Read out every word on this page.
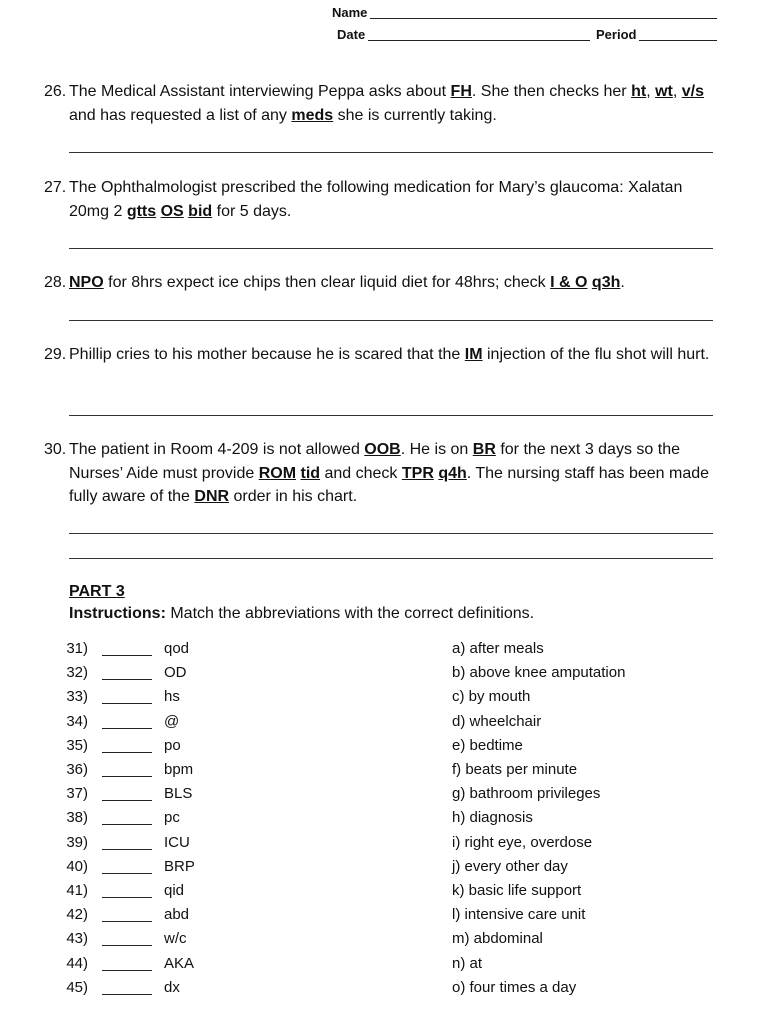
Name
Date	Period
26. The Medical Assistant interviewing Peppa asks about FH. She then checks her ht, wt, v/s and has requested a list of any meds she is currently taking.
27. The Ophthalmologist prescribed the following medication for Mary’s glaucoma: Xalatan 20mg 2 gtts OS bid for 5 days.
28. NPO for 8hrs expect ice chips then clear liquid diet for 48hrs; check I & O q3h.
29. Phillip cries to his mother because he is scared that the IM injection of the flu shot will hurt.
30. The patient in Room 4-209 is not allowed OOB. He is on BR for the next 3 days so the Nurses’ Aide must provide ROM tid and check TPR q4h. The nursing staff has been made fully aware of the DNR order in his chart.
PART 3
Instructions: Match the abbreviations with the correct definitions.
31)	qod	a) after meals
32)	OD	b) above knee amputation
33)	hs	c) by mouth
34)	@	d) wheelchair
35)	po	e) bedtime
36)	bpm	f) beats per minute
37)	BLS	g) bathroom privileges
38)	pc	h) diagnosis
39)	ICU	i) right eye, overdose
40)	BRP	j) every other day
41)	qid	k) basic life support
42)	abd	l) intensive care unit
43)	w/c	m) abdominal
44)	AKA	n) at
45)	dx	o) four times a day
